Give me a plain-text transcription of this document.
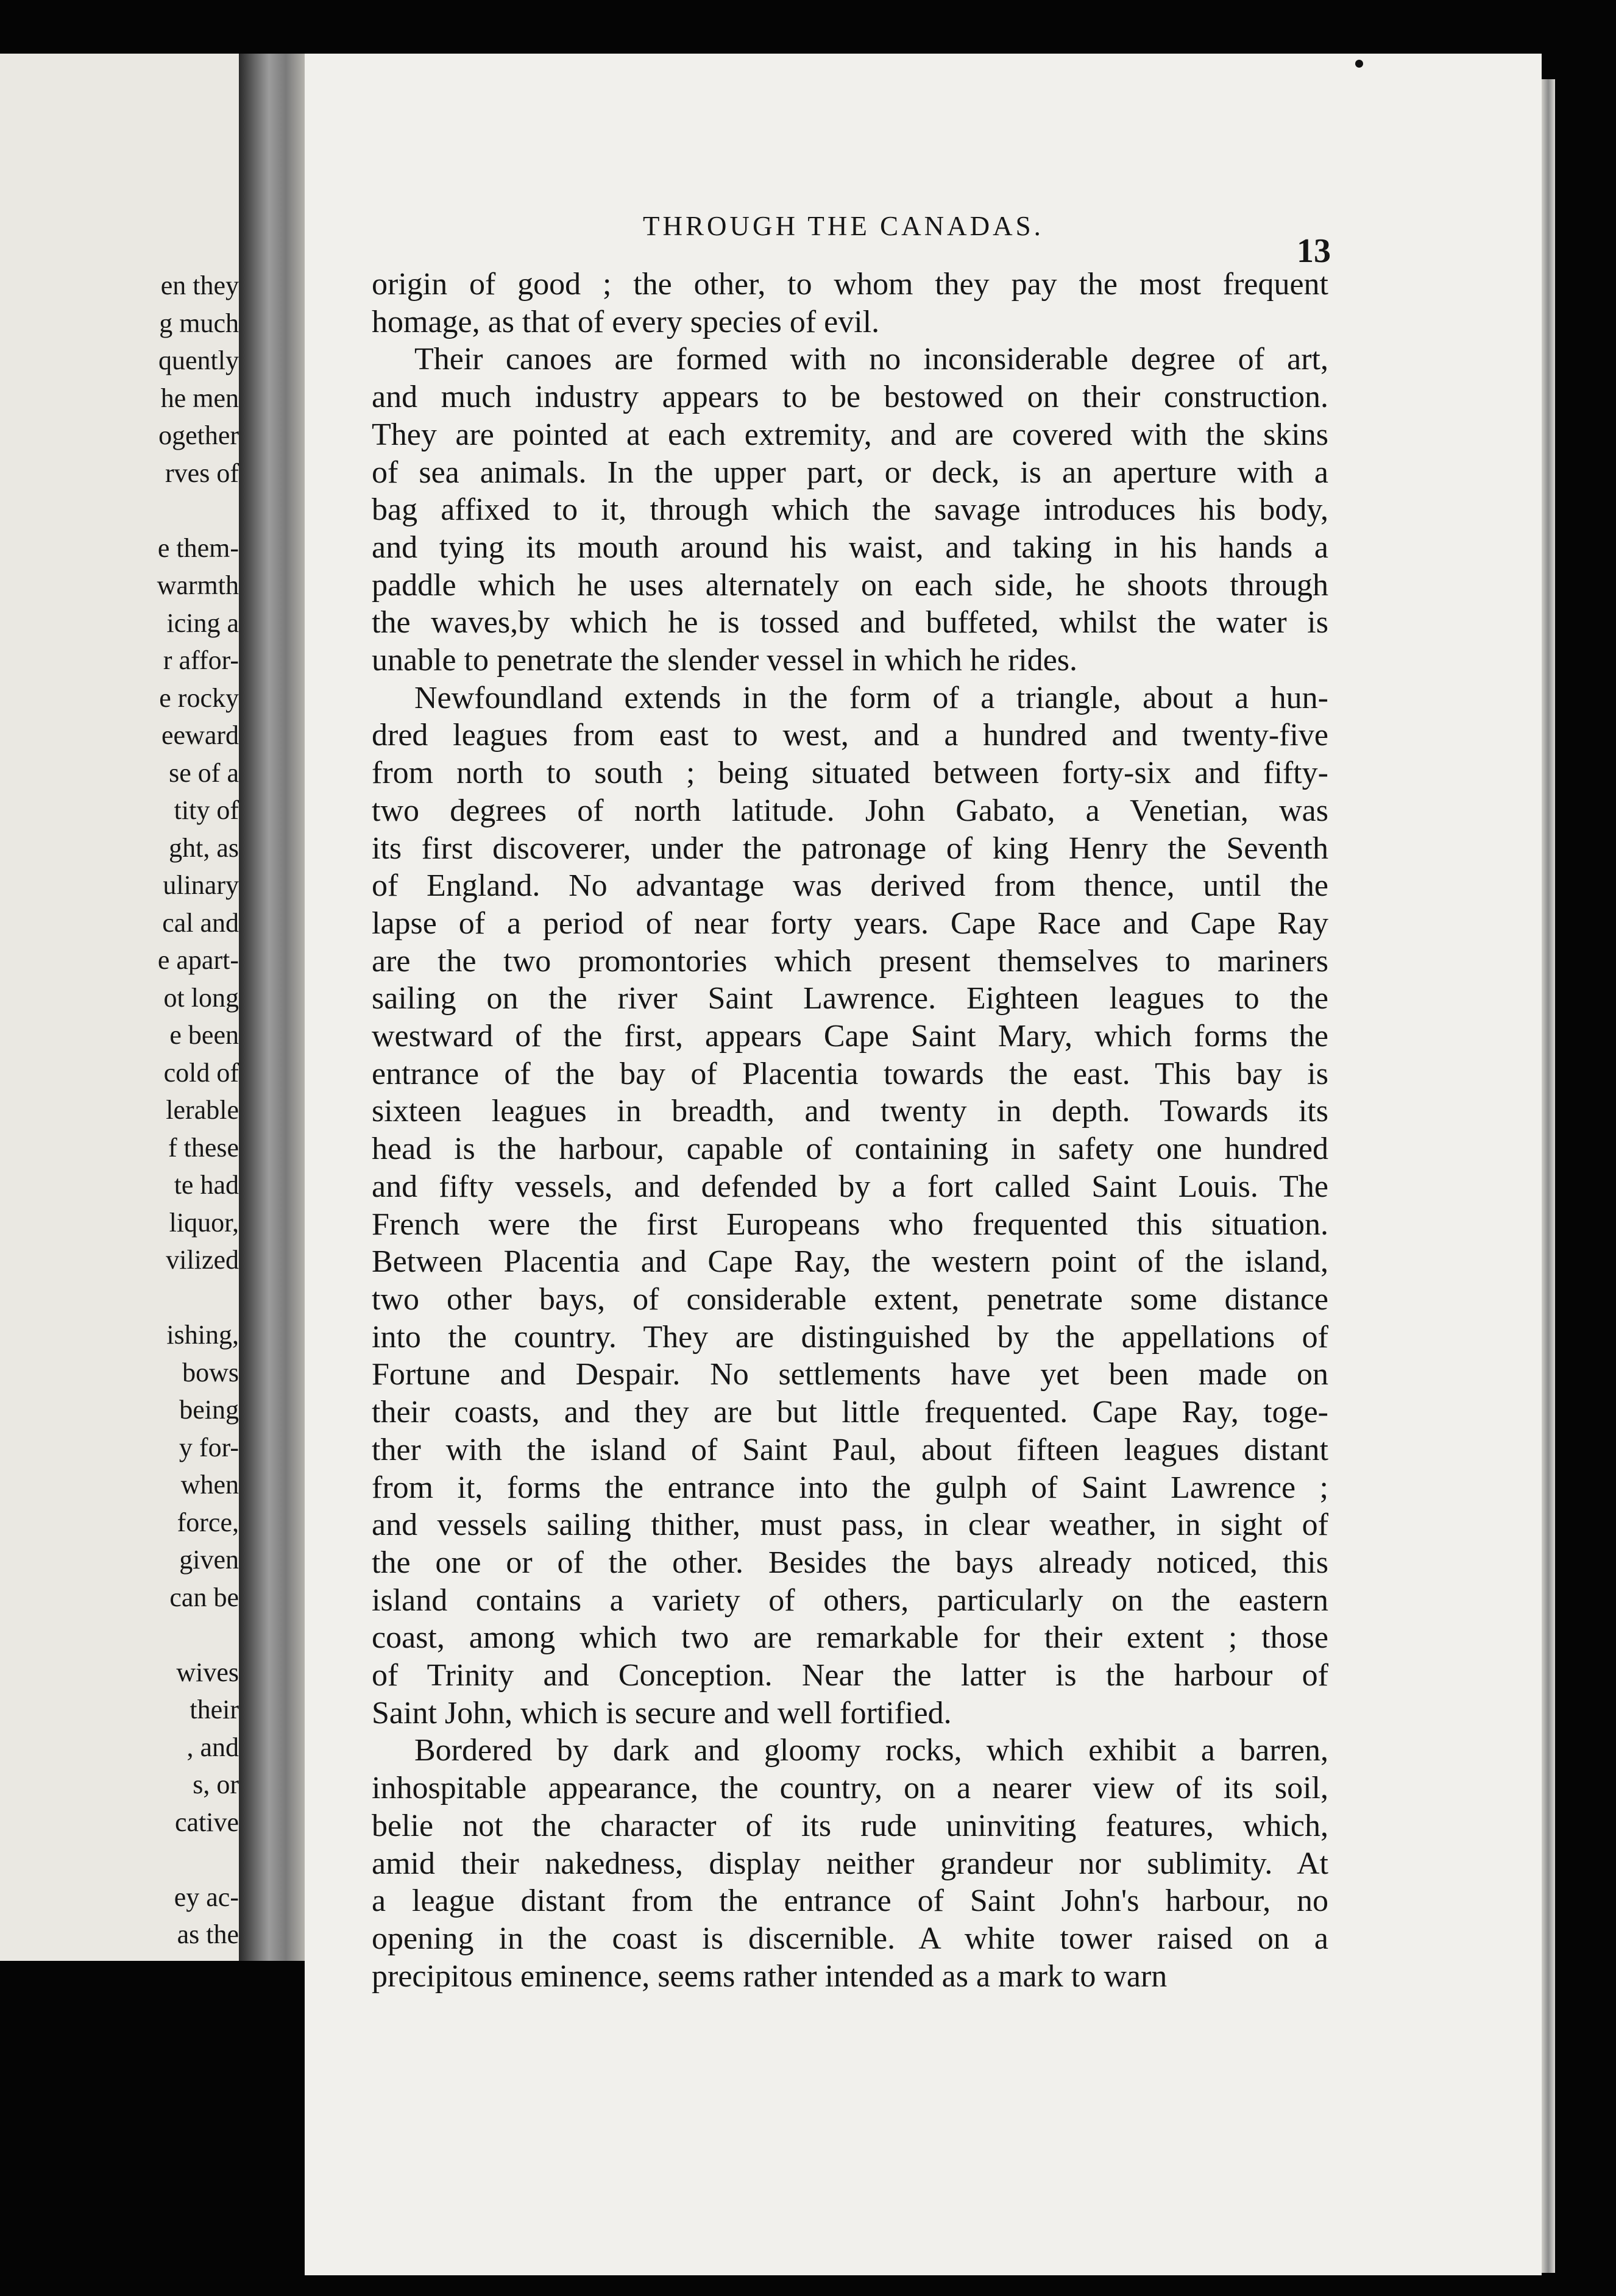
en they
g much
quently
he men
ogether
rves of
e them-
warmth
icing a
r affor-
e rocky
eeward
se of a
tity of
ght, as
ulinary
cal and
e apart-
ot long
e been
cold of
lerable
f these
te had
liquor,
vilized
ishing,
bows
being
y for-
when
force,
given
can be
wives
their
, and
s, or
cative
ey ac-
as the
THROUGH THE CANADAS.
13
origin of good ; the other, to whom they pay the most frequent
homage, as that of every species of evil.
Their canoes are formed with no inconsiderable degree of art,
and much industry appears to be bestowed on their construction.
They are pointed at each extremity, and are covered with the skins
of sea animals. In the upper part, or deck, is an aperture with a
bag affixed to it, through which the savage introduces his body,
and tying its mouth around his waist, and taking in his hands a
paddle which he uses alternately on each side, he shoots through
the waves,by which he is tossed and buffeted, whilst the water is
unable to penetrate the slender vessel in which he rides.
Newfoundland extends in the form of a triangle, about a hun-
dred leagues from east to west, and a hundred and twenty-five
from north to south ; being situated between forty-six and fifty-
two degrees of north latitude. John Gabato, a Venetian, was
its first discoverer, under the patronage of king Henry the Seventh
of England. No advantage was derived from thence, until the
lapse of a period of near forty years. Cape Race and Cape Ray
are the two promontories which present themselves to mariners
sailing on the river Saint Lawrence. Eighteen leagues to the
westward of the first, appears Cape Saint Mary, which forms the
entrance of the bay of Placentia towards the east. This bay is
sixteen leagues in breadth, and twenty in depth. Towards its
head is the harbour, capable of containing in safety one hundred
and fifty vessels, and defended by a fort called Saint Louis. The
French were the first Europeans who frequented this situation.
Between Placentia and Cape Ray, the western point of the island,
two other bays, of considerable extent, penetrate some distance
into the country. They are distinguished by the appellations of
Fortune and Despair. No settlements have yet been made on
their coasts, and they are but little frequented. Cape Ray, toge-
ther with the island of Saint Paul, about fifteen leagues distant
from it, forms the entrance into the gulph of Saint Lawrence ;
and vessels sailing thither, must pass, in clear weather, in sight of
the one or of the other. Besides the bays already noticed, this
island contains a variety of others, particularly on the eastern
coast, among which two are remarkable for their extent ; those
of Trinity and Conception. Near the latter is the harbour of
Saint John, which is secure and well fortified.
Bordered by dark and gloomy rocks, which exhibit a barren,
inhospitable appearance, the country, on a nearer view of its soil,
belie not the character of its rude uninviting features, which,
amid their nakedness, display neither grandeur nor sublimity. At
a league distant from the entrance of Saint John's harbour, no
opening in the coast is discernible. A white tower raised on a
precipitous eminence, seems rather intended as a mark to warn
